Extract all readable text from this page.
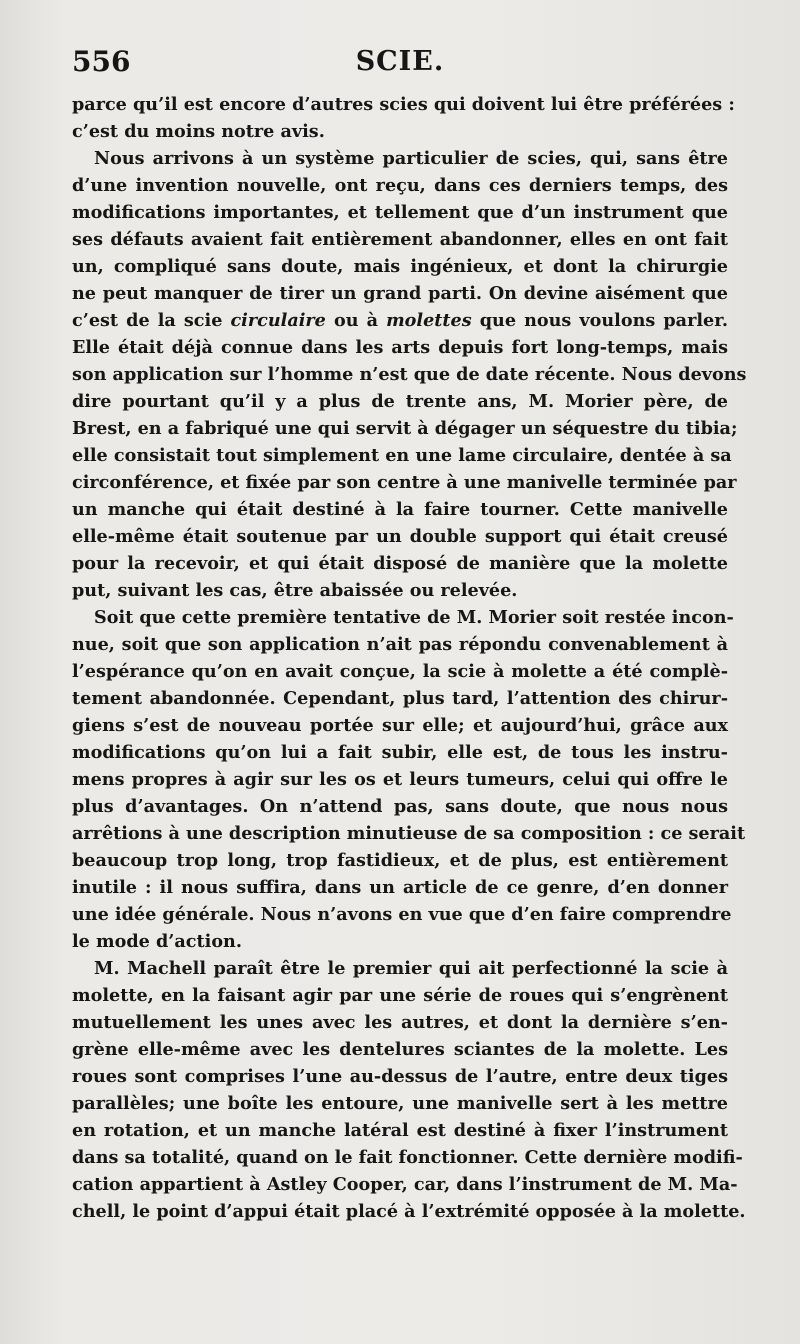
556	SCIE.
parce qu’il est encore d’autres scies qui doivent lui être préférées :
c’est du moins notre avis.
Nous arrivons à un système particulier de scies, qui, sans être
d’une invention nouvelle, ont reçu, dans ces derniers temps, des
modifications importantes, et tellement que d’un instrument que
ses défauts avaient fait entièrement abandonner, elles en ont fait
un, compliqué sans doute, mais ingénieux, et dont la chirurgie
ne peut manquer de tirer un grand parti. On devine aisément que
c’est de la scie circulaire ou à molettes que nous voulons parler.
Elle était déjà connue dans les arts depuis fort long-temps, mais
son application sur l’homme n’est que de date récente. Nous devons
dire pourtant qu’il y a plus de trente ans, M. Morier père, de
Brest, en a fabriqué une qui servit à dégager un séquestre du tibia;
elle consistait tout simplement en une lame circulaire, dentée à sa
circonférence, et fixée par son centre à une manivelle terminée par
un manche qui était destiné à la faire tourner. Cette manivelle
elle-même était soutenue par un double support qui était creusé
pour la recevoir, et qui était disposé de manière que la molette
put, suivant les cas, être abaissée ou relevée.
Soit que cette première tentative de M. Morier soit restée incon-
nue, soit que son application n’ait pas répondu convenablement à
l’espérance qu’on en avait conçue, la scie à molette a été complè-
tement abandonnée. Cependant, plus tard, l’attention des chirur-
giens s’est de nouveau portée sur elle; et aujourd’hui, grâce aux
modifications qu’on lui a fait subir, elle est, de tous les instru-
mens propres à agir sur les os et leurs tumeurs, celui qui offre le
plus d’avantages. On n’attend pas, sans doute, que nous nous
arrêtions à une description minutieuse de sa composition : ce serait
beaucoup trop long, trop fastidieux, et de plus, est entièrement
inutile : il nous suffira, dans un article de ce genre, d’en donner
une idée générale. Nous n’avons en vue que d’en faire comprendre
le mode d’action.
M. Machell paraît être le premier qui ait perfectionné la scie à
molette, en la faisant agir par une série de roues qui s’engrènent
mutuellement les unes avec les autres, et dont la dernière s’en-
grène elle-même avec les dentelures sciantes de la molette. Les
roues sont comprises l’une au-dessus de l’autre, entre deux tiges
parallèles; une boîte les entoure, une manivelle sert à les mettre
en rotation, et un manche latéral est destiné à fixer l’instrument
dans sa totalité, quand on le fait fonctionner. Cette dernière modifi-
cation appartient à Astley Cooper, car, dans l’instrument de M. Ma-
chell, le point d’appui était placé à l’extrémité opposée à la molette.
